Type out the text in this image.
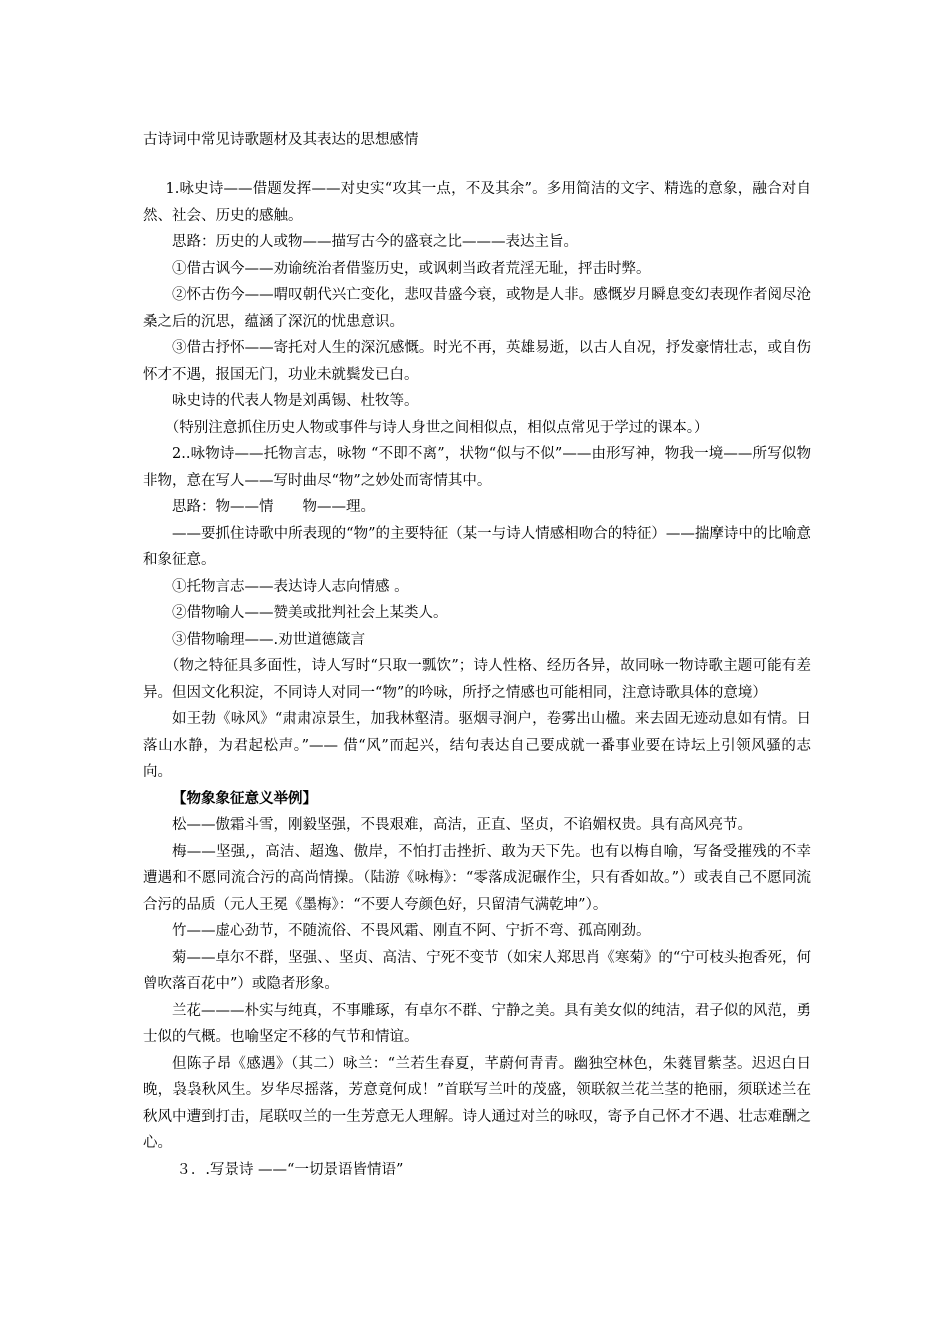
古诗词中常见诗歌题材及其表达的思想感情

1.咏史诗——借题发挥——对史实“攻其一点，不及其余”。多用简洁的文字、精选的意象，融合对自然、社会、历史的感触。

思路：历史的人或物——描写古今的盛衰之比———表达主旨。

①借古讽今——劝谕统治者借鉴历史，或讽刺当政者荒淫无耻，抨击时弊。

②怀古伤今——喟叹朝代兴亡变化，悲叹昔盛今衰，或物是人非。感慨岁月瞬息变幻表现作者阅尽沧桑之后的沉思，蕴涵了深沉的忧患意识。

③借古抒怀——寄托对人生的深沉感慨。时光不再，英雄易逝，以古人自况，抒发豪情壮志，或自伤怀才不遇，报国无门，功业未就鬓发已白。

咏史诗的代表人物是刘禹锡、杜牧等。

（特别注意抓住历史人物或事件与诗人身世之间相似点，相似点常见于学过的课本。）

2..咏物诗——托物言志，咏物 “不即不离”，状物“似与不似”——由形写神，物我一境——所写似物非物，意在写人——写时曲尽“物”之妙处而寄情其中。

思路：物——情　　物——理。

——要抓住诗歌中所表现的“物”的主要特征（某一与诗人情感相吻合的特征）——揣摩诗中的比喻意和象征意。

①托物言志——表达诗人志向情感 。

②借物喻人——赞美或批判社会上某类人。

③借物喻理——.劝世道德箴言

（物之特征具多面性，诗人写时“只取一瓢饮”；诗人性格、经历各异，故同咏一物诗歌主题可能有差异。但因文化积淀，不同诗人对同一“物”的吟咏，所抒之情感也可能相同，注意诗歌具体的意境）

如王勃《咏风》“肃肃凉景生，加我林壑清。驱烟寻涧户，卷雾出山楹。来去固无迹动息如有情。日落山水静，为君起松声。”—— 借“风”而起兴，结句表达自己要成就一番事业要在诗坛上引领风骚的志向。

【物象象征意义举例】

松——傲霜斗雪，刚毅坚强，不畏艰难，高洁，正直、坚贞，不谄媚权贵。具有高风亮节。

梅——坚强,，高洁、超逸、傲岸，不怕打击挫折、敢为天下先。也有以梅自喻，写备受摧残的不幸遭遇和不愿同流合污的高尚情操。（陆游《咏梅》：“零落成泥碾作尘，只有香如故。”）或表自己不愿同流合污的品质（元人王冕《墨梅》：“不要人夸颜色好，只留清气满乾坤”）。

竹——虚心劲节，不随流俗、不畏风霜、刚直不阿、宁折不弯、孤高刚劲。

菊——卓尔不群，坚强、、坚贞、高洁、宁死不变节（如宋人郑思肖《寒菊》的“宁可枝头抱香死，何曾吹落百花中”）或隐者形象。

兰花———朴实与纯真，不事雕琢，有卓尔不群、宁静之美。具有美女似的纯洁，君子似的风范，勇士似的气概。也喻坚定不移的气节和情谊。

但陈子昂《感遇》（其二）咏兰：“兰若生春夏，芊蔚何青青。幽独空林色，朱蕤冒紫茎。迟迟白日晚，袅袅秋风生。岁华尽摇落，芳意竟何成！”首联写兰叶的茂盛，领联叙兰花兰茎的艳丽，须联述兰在秋风中遭到打击，尾联叹兰的一生芳意无人理解。诗人通过对兰的咏叹，寄予自己怀才不遇、壮志难酬之心。

３．.写景诗 ——“一切景语皆情语”
